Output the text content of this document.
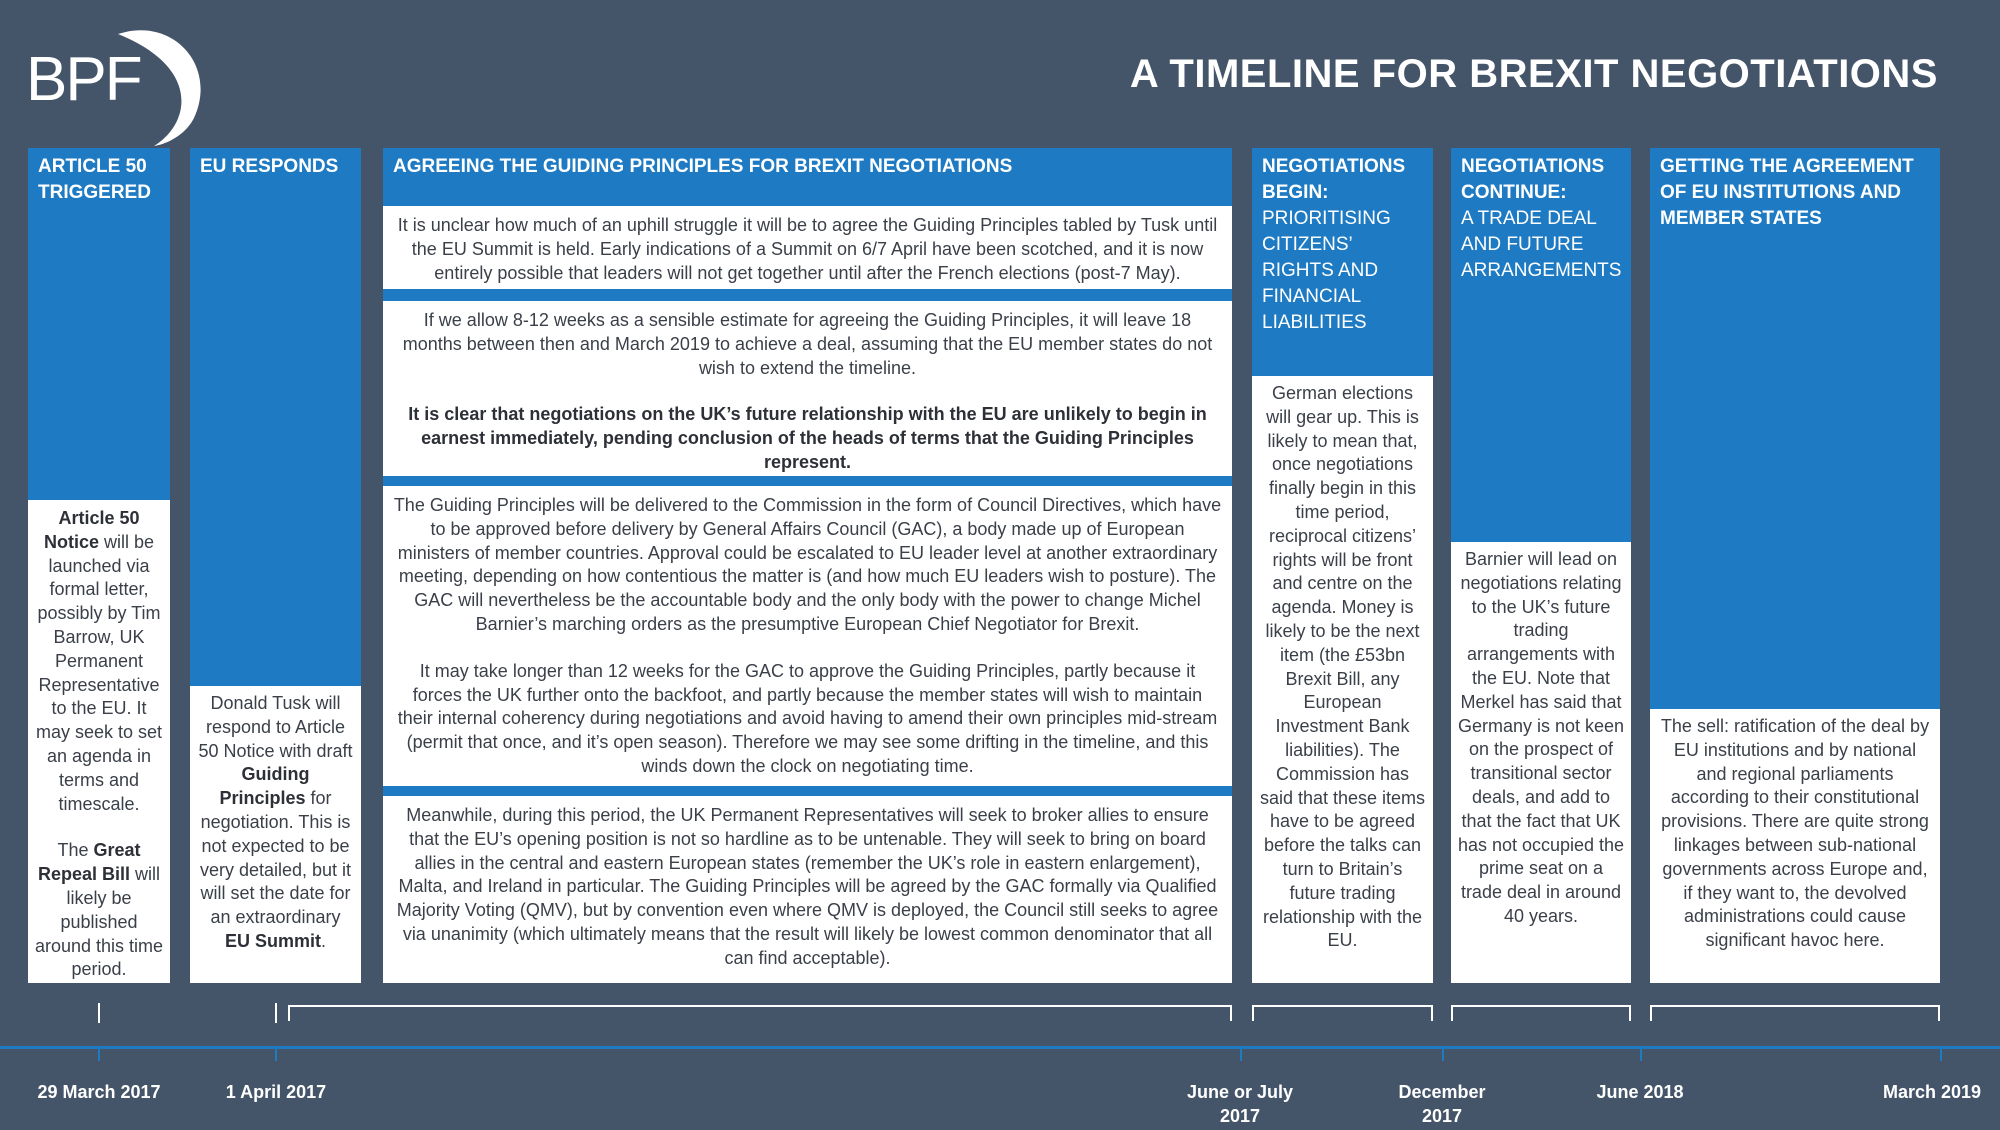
BPF	A TIMELINE FOR BREXIT NEGOTIATIONS
ARTICLE 50 TRIGGERED

Article 50 Notice will be launched via formal letter, possibly by Tim Barrow, UK Permanent Representative to the EU. It may seek to set an agenda in terms and timescale.

The Great Repeal Bill will likely be published around this time period.

EU RESPONDS

Donald Tusk will respond to Article 50 Notice with draft Guiding Principles for negotiation. This is not expected to be very detailed, but it will set the date for an extraordinary EU Summit.

AGREEING THE GUIDING PRINCIPLES FOR BREXIT NEGOTIATIONS

It is unclear how much of an uphill struggle it will be to agree the Guiding Principles tabled by Tusk until the EU Summit is held. Early indications of a Summit on 6/7 April have been scotched, and it is now entirely possible that leaders will not get together until after the French elections (post-7 May).

If we allow 8-12 weeks as a sensible estimate for agreeing the Guiding Principles, it will leave 18 months between then and March 2019 to achieve a deal, assuming that the EU member states do not wish to extend the timeline.

It is clear that negotiations on the UK’s future relationship with the EU are unlikely to begin in earnest immediately, pending conclusion of the heads of terms that the Guiding Principles represent.

The Guiding Principles will be delivered to the Commission in the form of Council Directives, which have to be approved before delivery by General Affairs Council (GAC), a body made up of European ministers of member countries. Approval could be escalated to EU leader level at another extraordinary meeting, depending on how contentious the matter is (and how much EU leaders wish to posture). The GAC will nevertheless be the accountable body and the only body with the power to change Michel Barnier’s marching orders as the presumptive European Chief Negotiator for Brexit.

It may take longer than 12 weeks for the GAC to approve the Guiding Principles, partly because it forces the UK further onto the backfoot, and partly because the member states will wish to maintain their internal coherency during negotiations and avoid having to amend their own principles mid-stream (permit that once, and it’s open season). Therefore we may see some drifting in the timeline, and this winds down the clock on negotiating time.

Meanwhile, during this period, the UK Permanent Representatives will seek to broker allies to ensure that the EU’s opening position is not so hardline as to be untenable. They will seek to bring on board allies in the central and eastern European states (remember the UK’s role in eastern enlargement), Malta, and Ireland in particular. The Guiding Principles will be agreed by the GAC formally via Qualified Majority Voting (QMV), but by convention even where QMV is deployed, the Council still seeks to agree via unanimity (which ultimately means that the result will likely be lowest common denominator that all can find acceptable).

NEGOTIATIONS BEGIN:
PRIORITISING CITIZENS’ RIGHTS AND FINANCIAL LIABILITIES

German elections will gear up. This is likely to mean that, once negotiations finally begin in this time period, reciprocal citizens’ rights will be front and centre on the agenda. Money is likely to be the next item (the £53bn Brexit Bill, any European Investment Bank liabilities). The Commission has said that these items have to be agreed before the talks can turn to Britain’s future trading relationship with the EU.

NEGOTIATIONS CONTINUE:
A TRADE DEAL AND FUTURE ARRANGEMENTS

Barnier will lead on negotiations relating to the UK’s future trading arrangements with the EU. Note that Merkel has said that Germany is not keen on the prospect of transitional sector deals, and add to that the fact that UK has not occupied the prime seat on a trade deal in around 40 years.

GETTING THE AGREEMENT OF EU INSTITUTIONS AND MEMBER STATES

The sell: ratification of the deal by EU institutions and by national and regional parliaments according to their constitutional provisions. There are quite strong linkages between sub-national governments across Europe and, if they want to, the devolved administrations could cause significant havoc here.

29 March 2017	1 April 2017	June or July 2017
December 2017
June 2018	March 2019
